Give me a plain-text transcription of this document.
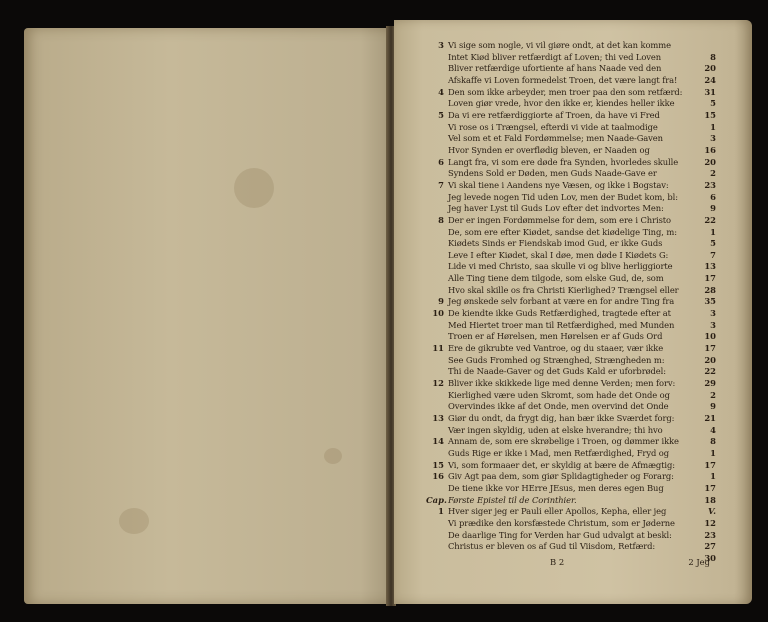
3 Vi sige som nogle, vi vil giøre ondt, at det kan komme
8
Intet Kiød bliver retfærdigt af Loven; thi ved Loven
20
Bliver retfærdige ufortiente af hans Naade ved den
24
Afskaffe vi Loven formedelst Troen, det være langt fra!
31
4 Den som ikke arbeyder, men troer paa den som retfærd:
5
Loven giør vrede, hvor den ikke er, kiendes heller ikke
15
5 Da vi ere retfærdiggiorte af Troen, da have vi Fred
1
Vi rose os i Trængsel, efterdi vi vide at taalmodige
3
Vel som et et Fald Fordømmelse; men Naade-Gaven
16
Hvor Synden er overflødig bleven, er Naaden og
20
6 Langt fra, vi som ere døde fra Synden, hvorledes skulle
2
Syndens Sold er Døden, men Guds Naade-Gave er
23
7 Vi skal tiene i Aandens nye Væsen, og ikke i Bogstav:
6
Jeg levede nogen Tid uden Lov, men der Budet kom, bl:
9
Jeg haver Lyst til Guds Lov efter det indvortes Men:
22
8 Der er ingen Fordømmelse for dem, som ere i Christo
1
De, som ere efter Kiødet, sandse det kiødelige Ting, m:
5
Kiødets Sinds er Fiendskab imod Gud, er ikke Guds
7
Leve I efter Kiødet, skal I døe, men døde I Kiødets G:
13
Lide vi med Christo, saa skulle vi og blive herliggiorte
17
Alle Ting tiene dem tilgode, som elske Gud, de, som
28
Hvo skal skille os fra Christi Kierlighed? Trængsel eller
35
9 Jeg ønskede selv forbant at være en for andre Ting fra
3
10 De kiendte ikke Guds Retfærdighed, tragtede efter at
3
Med Hiertet troer man til Retfærdighed, med Munden
10
Troen er af Hørelsen, men Hørelsen er af Guds Ord
17
11 Ere de gikrubte ved Vantroe, og du staaer, vær ikke
20
See Guds Fromhed og Strænghed, Strængheden m:
22
Thi de Naade-Gaver og det Guds Kald er uforbrødel:
29
12 Bliver ikke skikkede lige med denne Verden; men forv:
2
Kierlighed være uden Skromt, som hade det Onde og
9
Overvindes ikke af det Onde, men overvind det Onde
21
13 Giør du ondt, da frygt dig, han bær ikke Sværdet forg:
4
Vær ingen skyldig, uden at elske hverandre; thi hvo
8
14 Annam de, som ere skrøbelige i Troen, og dømmer ikke
1
Guds Rige er ikke i Mad, men Retfærdighed, Fryd og
17
15 Vi, som formaaer det, er skyldig at bære de Afmægtig:
1
16 Giv Agt paa dem, som giør Splidagtigheder og Forarg:
17
De tiene ikke vor HErre JEsus, men deres egen Bug
18
Cap. Første Epistel til de Corinthier.
V.
1 Hver siger jeg er Pauli eller Apollos, Kepha, eller jeg
12
Vi prædike den korsfæstede Christum, som er Jøderne
23
De daarlige Ting for Verden har Gud udvalgt at beskl:
27
Christus er bleven os af Gud til Viisdom, Retfærd:
30
B 2	2 Jeg
